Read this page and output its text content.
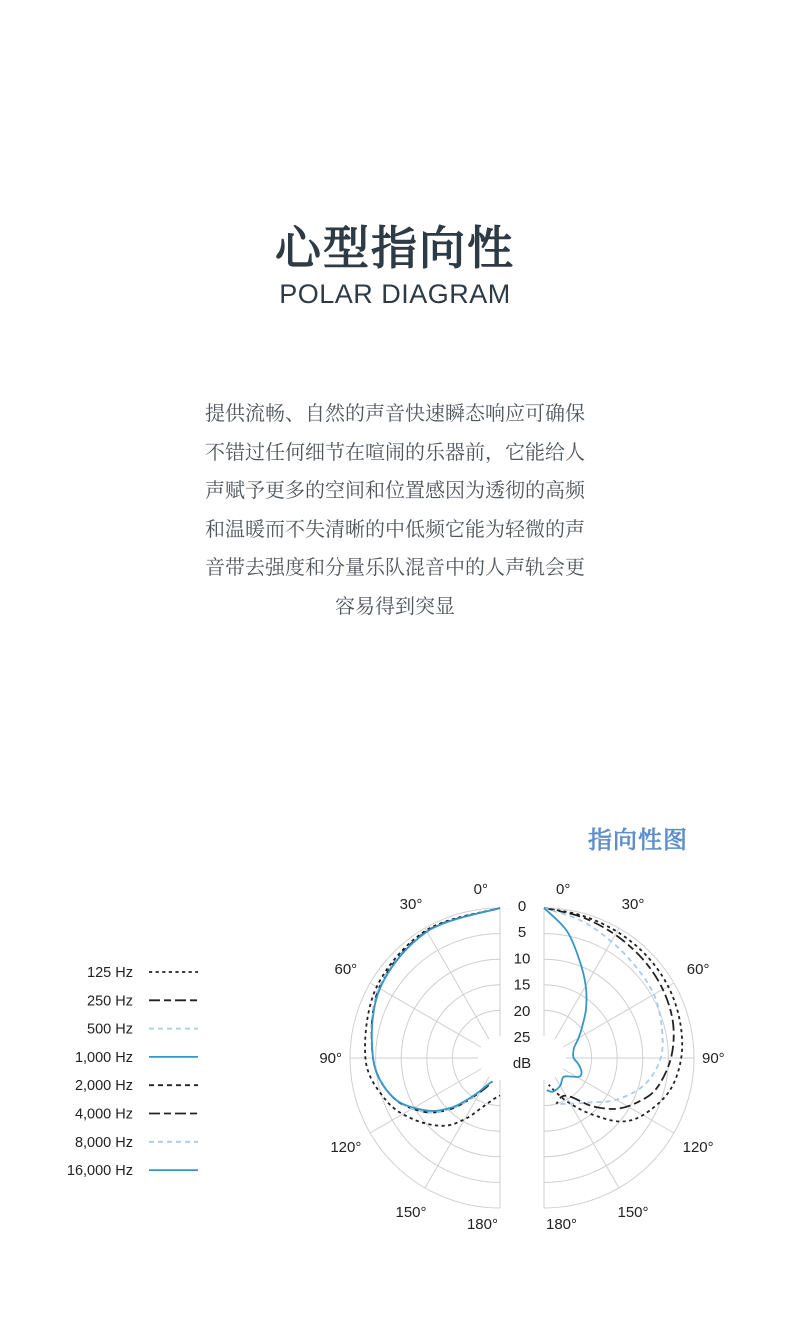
心型指向性
POLAR DIAGRAM
提供流畅、自然的声音快速瞬态响应可确保
不错过任何细节在喧闹的乐器前，它能给人
声赋予更多的空间和位置感因为透彻的高频
和温暖而不失清晰的中低频它能为轻微的声
音带去强度和分量乐队混音中的人声轨会更
容易得到突显
指向性图
0°
30°
60°
90°
120°
150°
180°
0°
30°
60°
90°
120°
150°
180°
0
5
10
15
20
25
dB
125 Hz
250 Hz
500 Hz
1,000 Hz
2,000 Hz
4,000 Hz
8,000 Hz
16,000 Hz
